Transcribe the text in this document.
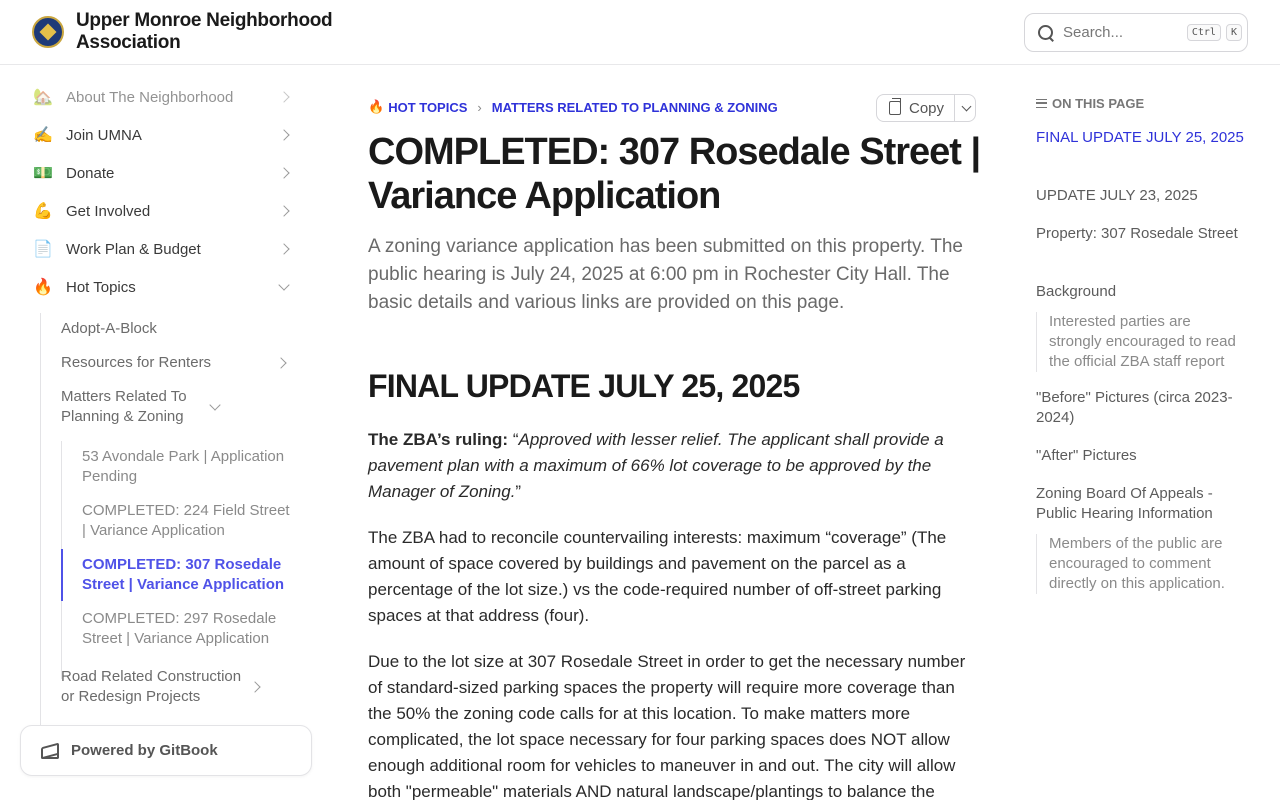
Upper Monroe Neighborhood Association	Search...	Ctrl	K
🏡 About The Neighborhood
✍️ Join UMNA
💵 Donate
💪 Get Involved
📄 Work Plan & Budget
🔥 Hot Topics
Adopt-A-Block
Resources for Renters
Matters Related To Planning & Zoning
53 Avondale Park | Application Pending
COMPLETED: 224 Field Street | Variance Application
COMPLETED: 307 Rosedale Street | Variance Application
COMPLETED: 297 Rosedale Street | Variance Application
Road Related Construction or Redesign Projects
Powered by GitBook
🔥 HOT TOPICS › MATTERS RELATED TO PLANNING & ZONING	Copy
COMPLETED: 307 Rosedale Street | Variance Application

A zoning variance application has been submitted on this property. The public hearing is July 24, 2025 at 6:00 pm in Rochester City Hall. The basic details and various links are provided on this page.

FINAL UPDATE JULY 25, 2025

The ZBA’s ruling: “Approved with lesser relief. The applicant shall provide a pavement plan with a maximum of 66% lot coverage to be approved by the Manager of Zoning.”

The ZBA had to reconcile countervailing interests: maximum “coverage” (The amount of space covered by buildings and pavement on the parcel as a percentage of the lot size.) vs the code-required number of off-street parking spaces at that address (four).

Due to the lot size at 307 Rosedale Street in order to get the necessary number of standard-sized parking spaces the property will require more coverage than the 50% the zoning code calls for at this location. To make matters more complicated, the lot space necessary for four parking spaces does NOT allow enough additional room for vehicles to maneuver in and out. The city will allow both "permeable" materials AND natural landscape/plantings to balance the

ON THIS PAGE
FINAL UPDATE JULY 25, 2025
UPDATE JULY 23, 2025
Property: 307 Rosedale Street
Background
Interested parties are strongly encouraged to read the official ZBA staff report
"Before" Pictures (circa 2023-2024)
"After" Pictures
Zoning Board Of Appeals - Public Hearing Information
Members of the public are encouraged to comment directly on this application.
